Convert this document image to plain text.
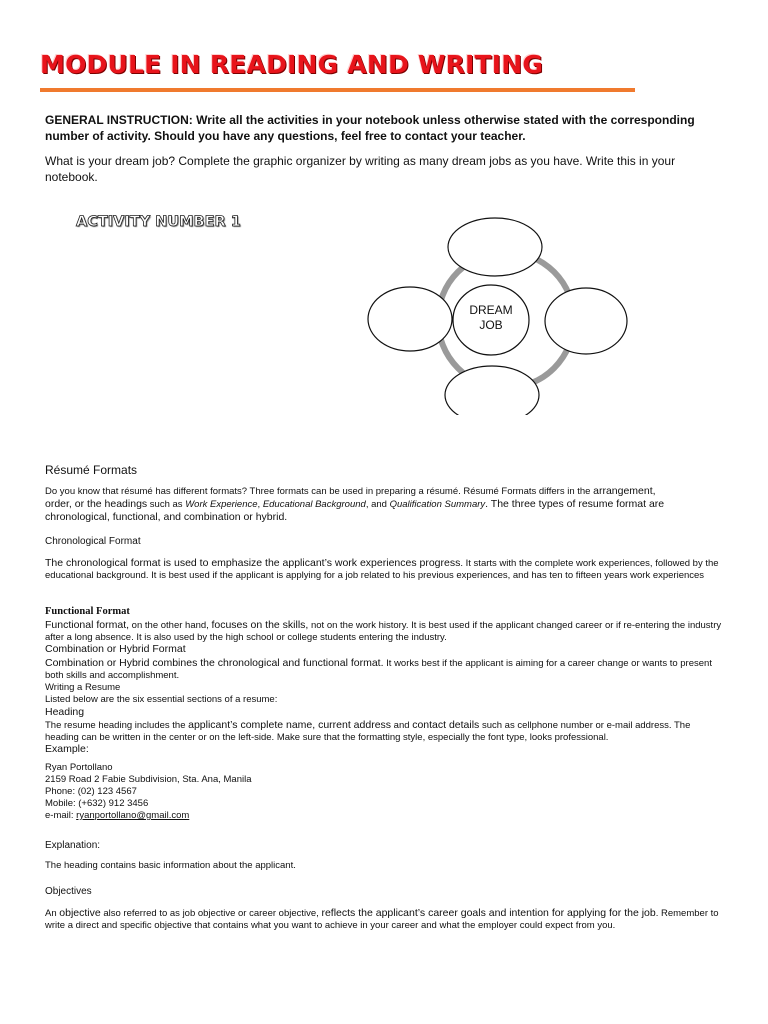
MODULE IN READING AND WRITING
GENERAL INSTRUCTION: Write all the activities in your notebook unless otherwise stated with the corresponding number of activity. Should you have any questions, feel free to contact your teacher.
What is your dream job? Complete the graphic organizer by writing as many dream jobs as you have. Write this in your notebook.
ACTIVITY NUMBER 1
DREAM
JOB
Résumé Formats
Do you know that résumé has different formats? Three formats can be used in preparing a résumé. Résumé Formats differs in the arrangement,
order, or the headings such as Work Experience, Educational Background, and Qualification Summary. The three types of resume format are
chronological, functional, and combination or hybrid.
Chronological Format
The chronological format is used to emphasize the applicant’s work experiences progress. It starts with the complete work experiences, followed by the educational background. It is best used if the applicant is applying for a job related to his previous experiences, and has ten to fifteen years work experiences
Functional Format
Functional format, on the other hand, focuses on the skills, not on the work history. It is best used if the applicant changed career or if re-entering the industry after a long absence. It is also used by the high school or college students entering the industry.
Combination or Hybrid Format
Combination or Hybrid combines the chronological and functional format. It works best if the applicant is aiming for a career change or wants to present both skills and accomplishment.
Writing a Resume
Listed below are the six essential sections of a resume:
Heading
The resume heading includes the applicant’s complete name, current address and contact details such as cellphone number or e-mail address. The heading can be written in the center or on the left-side. Make sure that the formatting style, especially the font type, looks professional.
Example:
Ryan Portollano
2159 Road 2 Fabie Subdivision, Sta. Ana, Manila
Phone: (02) 123 4567
Mobile: (+632) 912 3456
e-mail: ryanportollano@gmail.com
Explanation:
The heading contains basic information about the applicant.
Objectives
An objective also referred to as job objective or career objective, reflects the applicant’s career goals and intention for applying for the job. Remember to write a direct and specific objective that contains what you want to achieve in your career and what the employer could expect from you.
